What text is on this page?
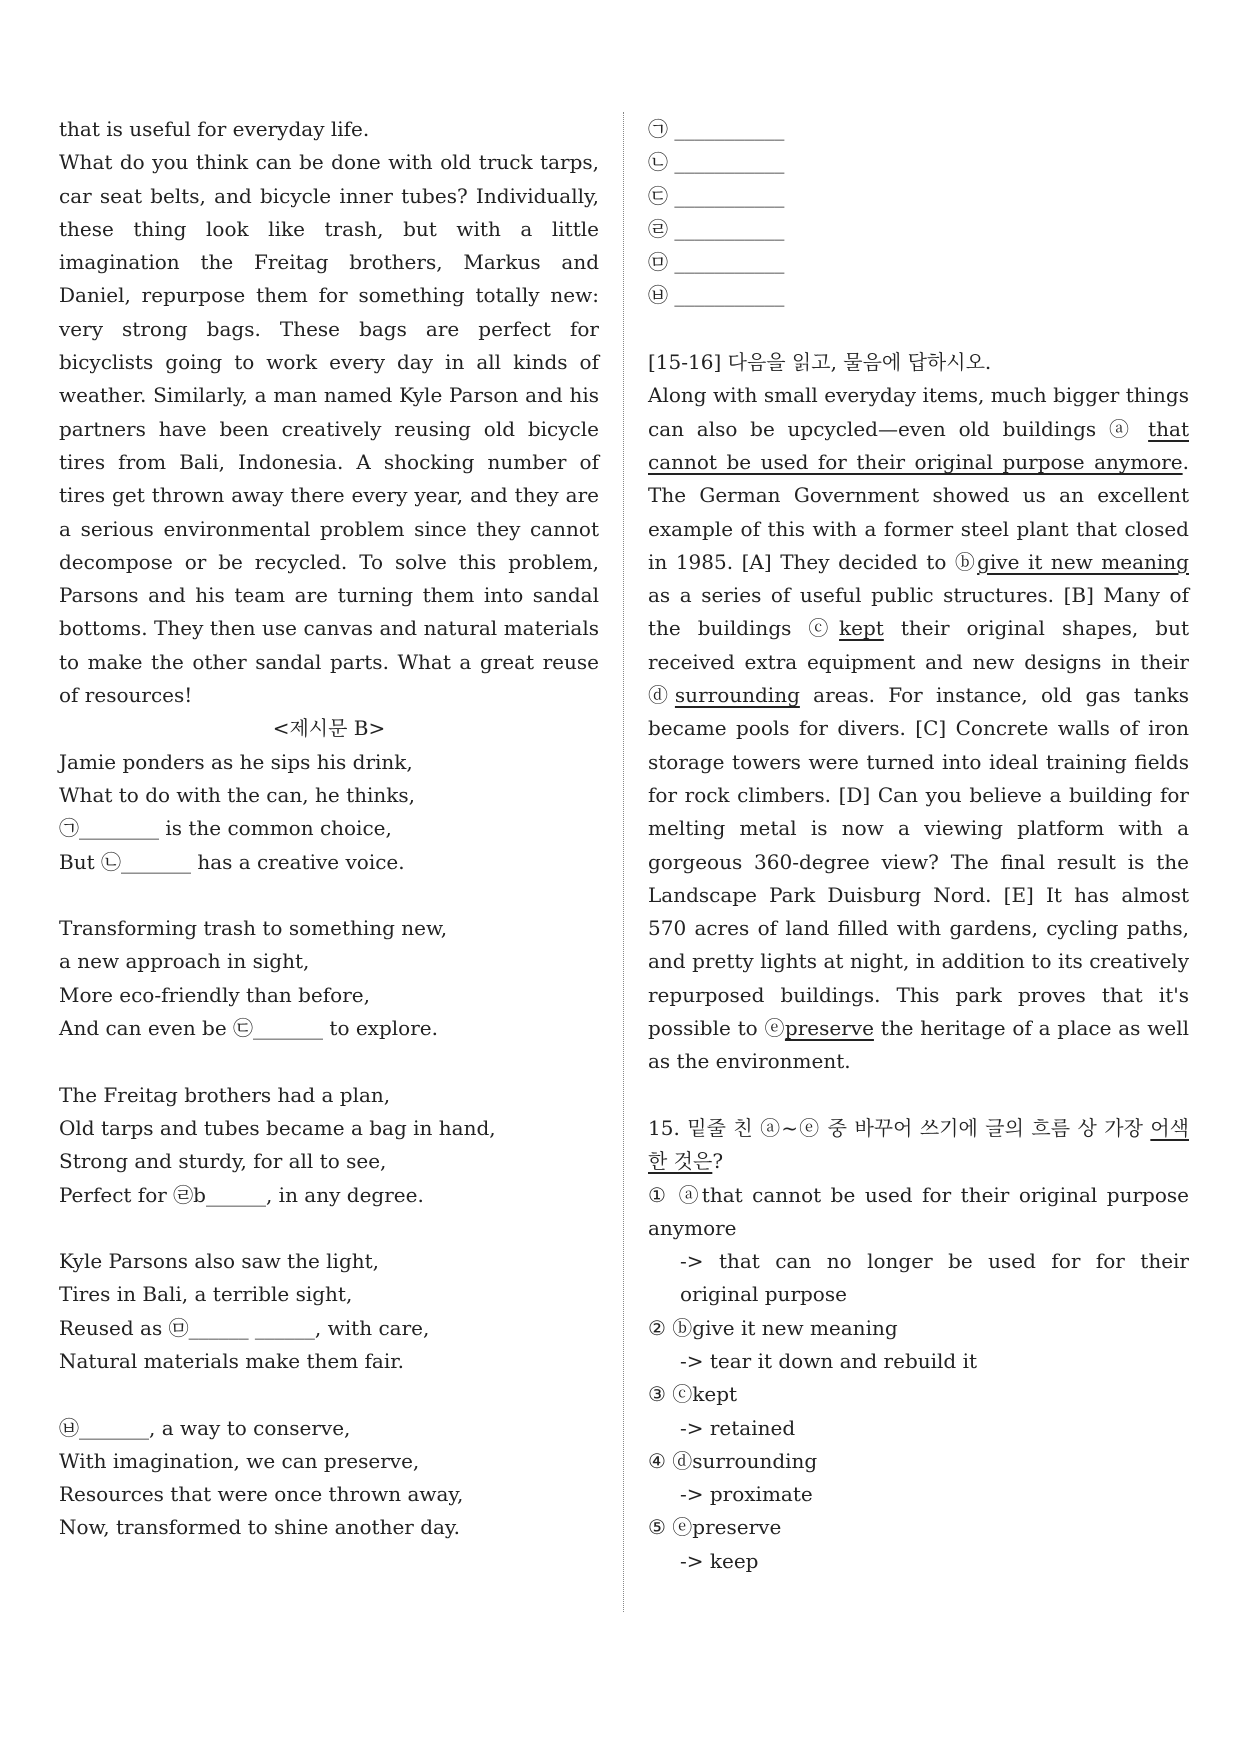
that is useful for everyday life.

What do you think can be done with old truck tarps, car seat belts, and bicycle inner tubes? Individually, these thing look like trash, but with a little imagination the Freitag brothers, Markus and Daniel, repurpose them for something totally new: very strong bags. These bags are perfect for bicyclists going to work every day in all kinds of weather. Similarly, a man named Kyle Parson and his partners have been creatively reusing old bicycle tires from Bali, Indonesia. A shocking number of tires get thrown away there every year, and they are a serious environmental problem since they cannot decompose or be recycled. To solve this problem, Parsons and his team are turning them into sandal bottoms. They then use canvas and natural materials to make the other sandal parts. What a great reuse of resources!

<제시문 B>
Jamie ponders as he sips his drink,
What to do with the can, he thinks,
㉠________ is the common choice,
But ㉡_______ has a creative voice.
Transforming trash to something new,
a new approach in sight,
More eco-friendly than before,
And can even be ㉢_______ to explore.
The Freitag brothers had a plan,
Old tarps and tubes became a bag in hand,
Strong and sturdy, for all to see,
Perfect for ㉣b______, in any degree.
Kyle Parsons also saw the light,
Tires in Bali, a terrible sight,
Reused as ㉤______ ______, with care,
Natural materials make them fair.
㉥_______, a way to conserve,
With imagination, we can preserve,
Resources that were once thrown away,
Now, transformed to shine another day.
㉠ ___________
㉡ ___________
㉢ ___________
㉣ ___________
㉤ ___________
㉥ ___________
[15-16] 다음을 읽고, 물음에 답하시오.

Along with small everyday items, much bigger things can also be upcycled—even old buildings ⓐ that cannot be used for their original purpose anymore. The German Government showed us an excellent example of this with a former steel plant that closed in 1985. [A] They decided to ⓑgive it new meaning as a series of useful public structures. [B] Many of the buildings ⓒkept their original shapes, but received extra equipment and new designs in their ⓓsurrounding areas. For instance, old gas tanks became pools for divers. [C] Concrete walls of iron storage towers were turned into ideal training fields for rock climbers. [D] Can you believe a building for melting metal is now a viewing platform with a gorgeous 360-degree view? The final result is the Landscape Park Duisburg Nord. [E] It has almost 570 acres of land filled with gardens, cycling paths, and pretty lights at night, in addition to its creatively repurposed buildings. This park proves that it's possible to ⓔpreserve the heritage of a place as well as the environment.

15. 밑줄 친 ⓐ~ⓔ 중 바꾸어 쓰기에 글의 흐름 상 가장 어색한 것은?

① ⓐthat cannot be used for their original purpose anymore

-> that can no longer be used for for their original purpose

② ⓑgive it new meaning

-> tear it down and rebuild it

③ ⓒkept

-> retained

④ ⓓsurrounding

-> proximate

⑤ ⓔpreserve

-> keep
